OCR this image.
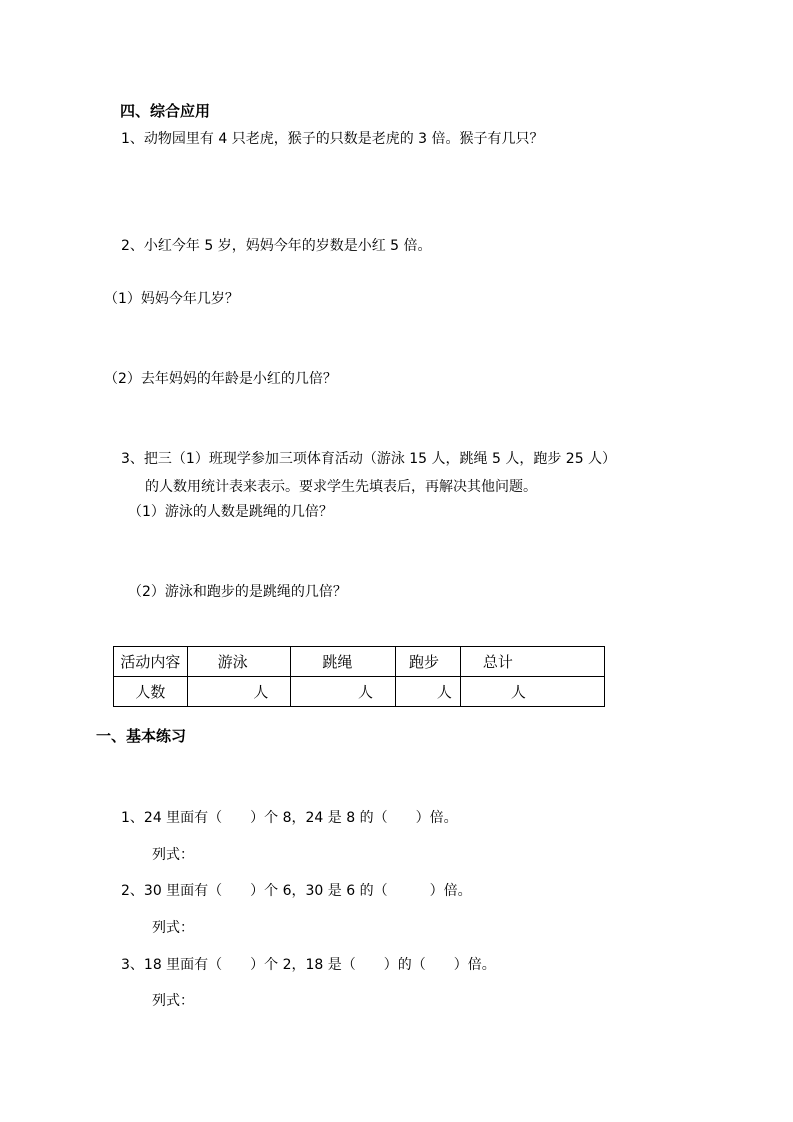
四、综合应用
1、动物园里有 4 只老虎，猴子的只数是老虎的 3 倍。猴子有几只？
2、小红今年 5 岁，妈妈今年的岁数是小红 5 倍。
（1）妈妈今年几岁？
（2）去年妈妈的年龄是小红的几倍？
3、把三（1）班现学参加三项体育活动（游泳 15 人，跳绳 5 人，跑步 25 人）
的人数用统计表来表示。要求学生先填表后，再解决其他问题。
（1）游泳的人数是跳绳的几倍？
（2）游泳和跑步的是跳绳的几倍？
活动内容	游泳	跳绳	跑步	总计
人数	人	人	人	人
一、基本练习
1、24 里面有（　　）个 8，24 是 8 的（　　）倍。
列式：
2、30 里面有（　　）个 6，30 是 6 的（　　　）倍。
列式：
3、18 里面有（　　）个 2，18 是（　　）的（　　）倍。
列式：
